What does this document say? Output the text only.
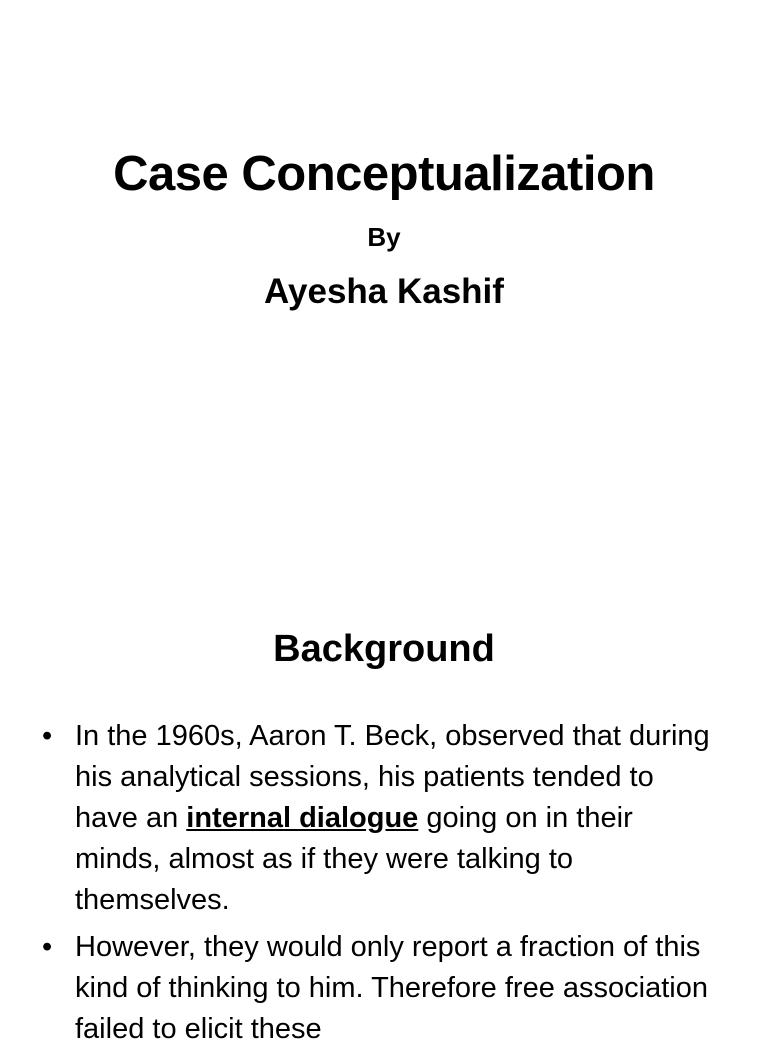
Case Conceptualization
By
Ayesha Kashif
Background
• In the 1960s, Aaron T. Beck, observed that during his analytical sessions, his patients tended to have an internal dialogue going on in their minds, almost as if they were talking to themselves.
• However, they would only report a fraction of this kind of thinking to him. Therefore free association failed to elicit these
